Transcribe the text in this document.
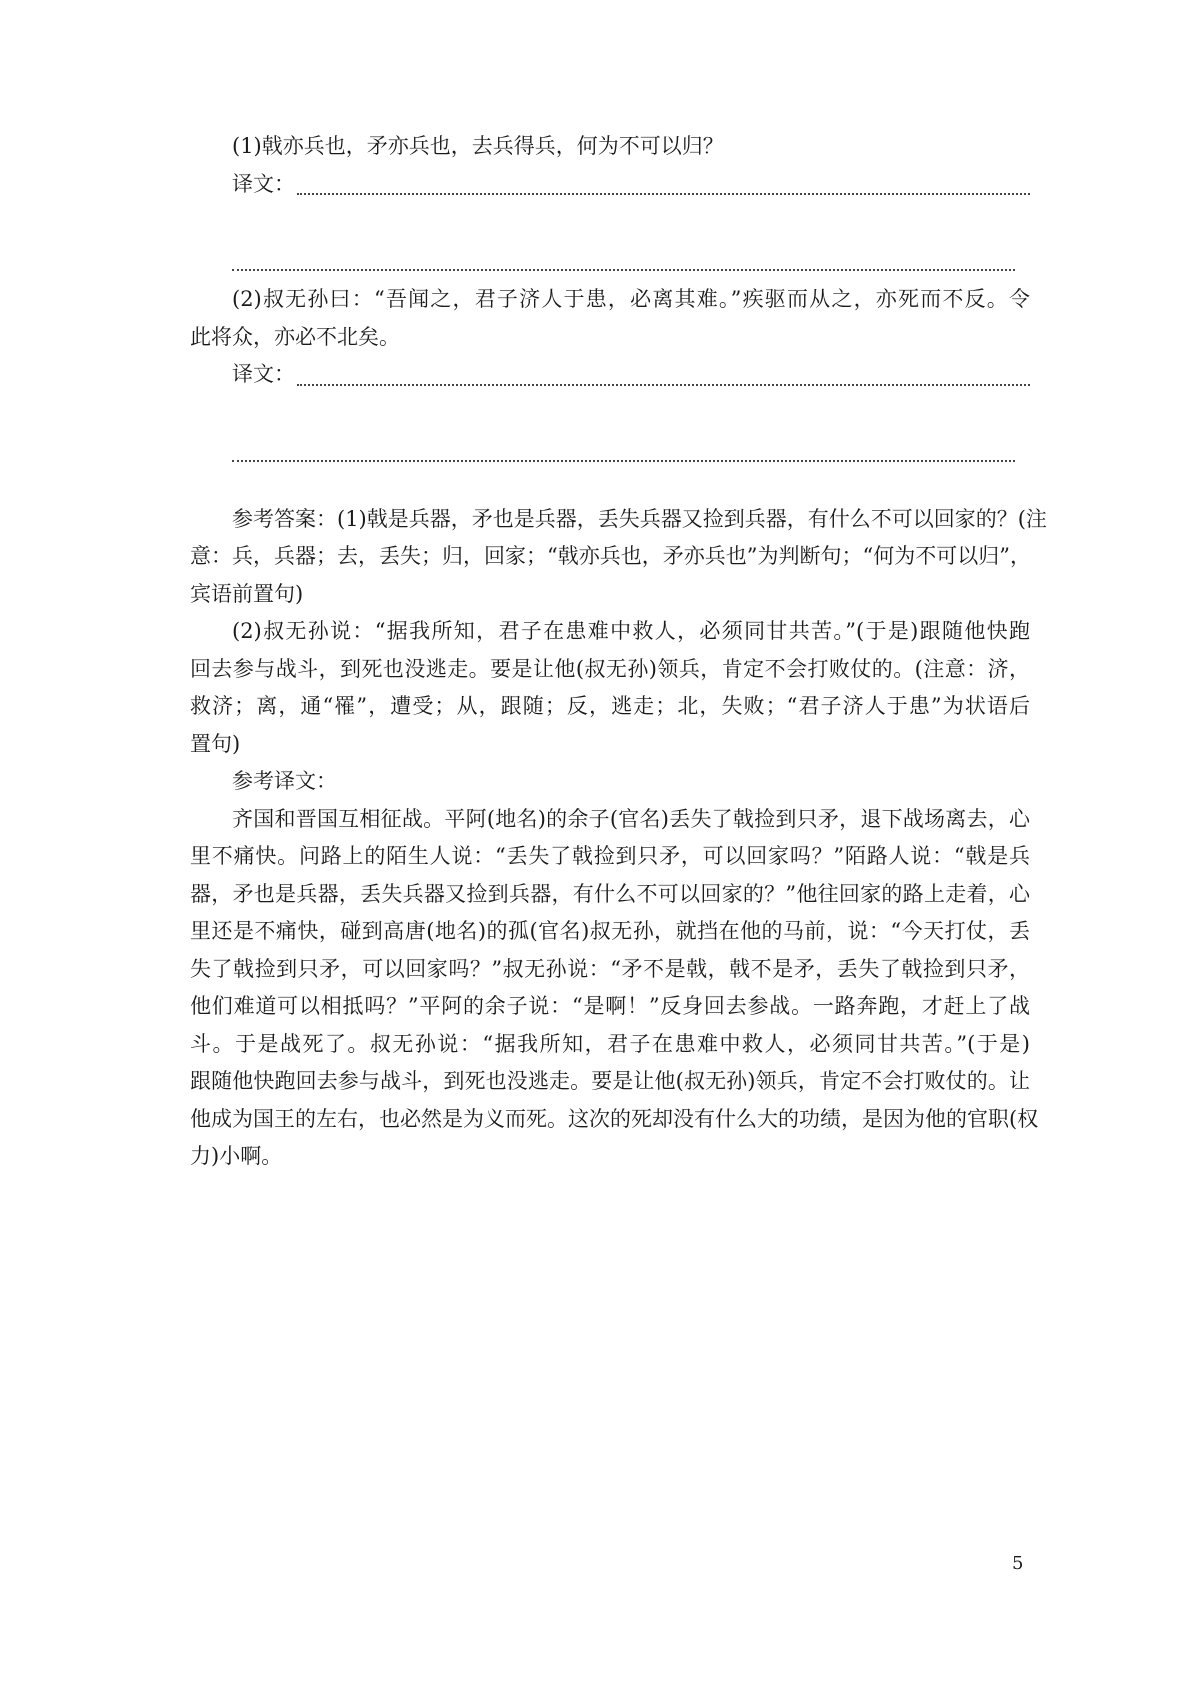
(1)戟亦兵也，矛亦兵也，去兵得兵，何为不可以归？
译文：
(2)叔无孙曰：“吾闻之，君子济人于患，必离其难。”疾驱而从之，亦死而不反。令
此将众，亦必不北矣。
译文：
参考答案：(1)戟是兵器，矛也是兵器，丢失兵器又捡到兵器，有什么不可以回家的？(注
意：兵，兵器；去，丢失；归，回家；“戟亦兵也，矛亦兵也”为判断句；“何为不可以归”，
宾语前置句)
(2)叔无孙说：“据我所知，君子在患难中救人，必须同甘共苦。”(于是)跟随他快跑
回去参与战斗，到死也没逃走。要是让他(叔无孙)领兵，肯定不会打败仗的。(注意：济，
救济；离，通“罹”，遭受；从，跟随；反，逃走；北，失败；“君子济人于患”为状语后
置句)
参考译文：
齐国和晋国互相征战。平阿(地名)的余子(官名)丢失了戟捡到只矛，退下战场离去，心
里不痛快。问路上的陌生人说：“丢失了戟捡到只矛，可以回家吗？”陌路人说：“戟是兵
器，矛也是兵器，丢失兵器又捡到兵器，有什么不可以回家的？”他往回家的路上走着，心
里还是不痛快，碰到高唐(地名)的孤(官名)叔无孙，就挡在他的马前，说：“今天打仗，丢
失了戟捡到只矛，可以回家吗？”叔无孙说：“矛不是戟，戟不是矛，丢失了戟捡到只矛，
他们难道可以相抵吗？”平阿的余子说：“是啊！”反身回去参战。一路奔跑，才赶上了战
斗。于是战死了。叔无孙说：“据我所知，君子在患难中救人，必须同甘共苦。”(于是)
跟随他快跑回去参与战斗，到死也没逃走。要是让他(叔无孙)领兵，肯定不会打败仗的。让
他成为国王的左右，也必然是为义而死。这次的死却没有什么大的功绩，是因为他的官职(权
力)小啊。
5
